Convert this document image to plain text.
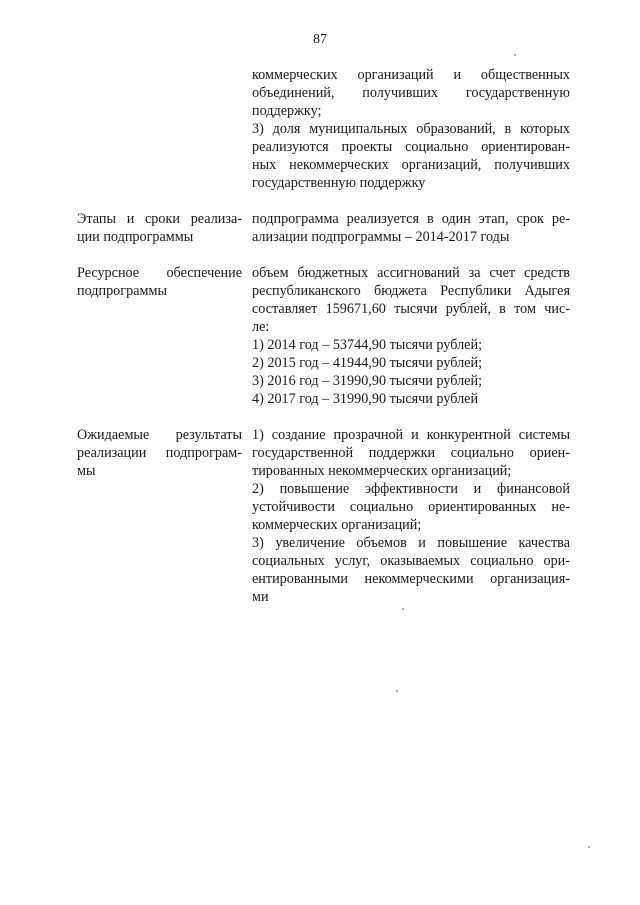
87
коммерческих организаций и общественных
объединений, получивших государственную
поддержку;
3) доля муниципальных образований, в которых
реализуются проекты социально ориентирован-
ных некоммерческих организаций, получивших
государственную поддержку
Этапы и сроки реализа-
ции подпрограммы
подпрограмма реализуется в один этап, срок ре-
ализации подпрограммы – 2014-2017 годы
Ресурсное обеспечение
подпрограммы
объем бюджетных ассигнований за счет средств
республиканского бюджета Республики Адыгея
составляет 159671,60 тысячи рублей, в том чис-
ле:
1) 2014 год – 53744,90 тысячи рублей;
2) 2015 год – 41944,90 тысячи рублей;
3) 2016 год – 31990,90 тысячи рублей;
4) 2017 год – 31990,90 тысячи рублей
Ожидаемые результаты
реализации подпрограм-
мы
1) создание прозрачной и конкурентной системы
государственной поддержки социально ориен-
тированных некоммерческих организаций;
2) повышение эффективности и финансовой
устойчивости социально ориентированных не-
коммерческих организаций;
3) увеличение объемов и повышение качества
социальных услуг, оказываемых социально ори-
ентированными некоммерческими организация-
ми
